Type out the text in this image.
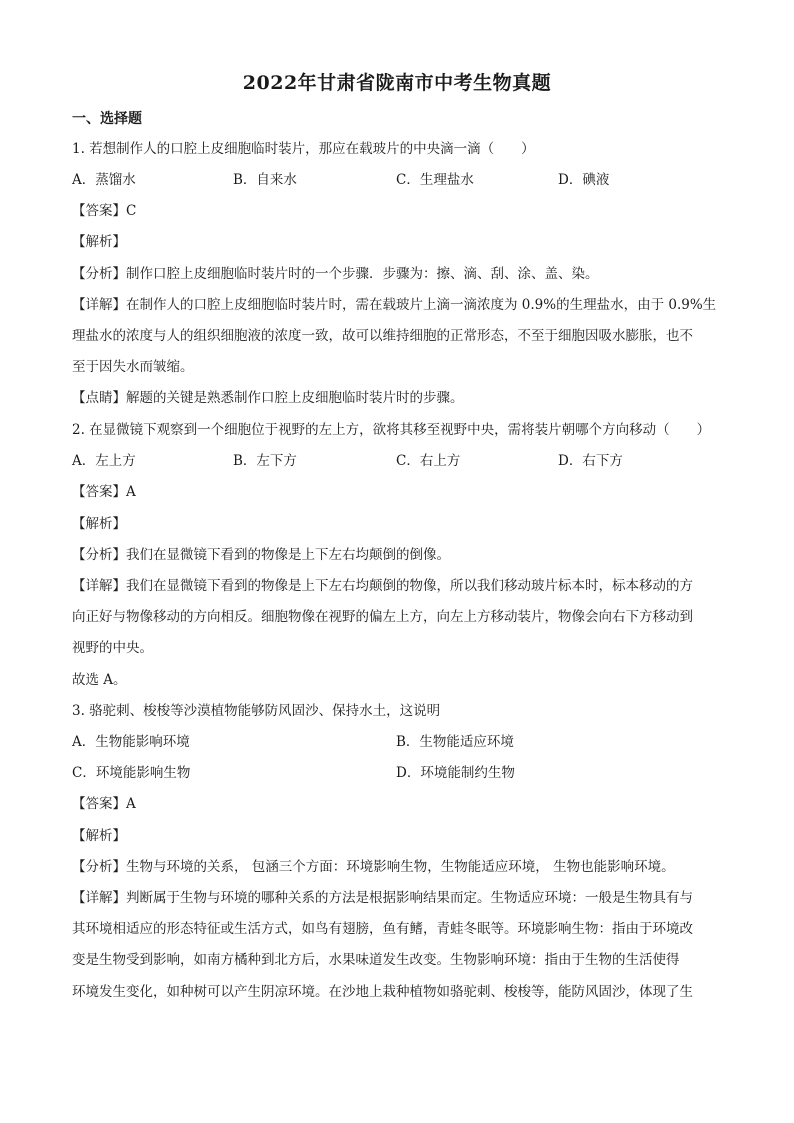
2022年甘肃省陇南市中考生物真题
一、选择题
1. 若想制作人的口腔上皮细胞临时装片，那应在载玻片的中央滴一滴（　　）
A．蒸馏水	B．自来水	C．生理盐水	D．碘液
【答案】C
【解析】
【分析】制作口腔上皮细胞临时装片时的一个步骤．步骤为：擦、滴、刮、涂、盖、染。
【详解】在制作人的口腔上皮细胞临时装片时，需在载玻片上滴一滴浓度为 0.9%的生理盐水，由于 0.9%生
理盐水的浓度与人的组织细胞液的浓度一致，故可以维持细胞的正常形态，不至于细胞因吸水膨胀，也不
至于因失水而皱缩。
【点睛】解题的关键是熟悉制作口腔上皮细胞临时装片时的步骤。
2. 在显微镜下观察到一个细胞位于视野的左上方，欲将其移至视野中央，需将装片朝哪个方向移动（　　）
A．左上方	B．左下方	C．右上方	D．右下方
【答案】A
【解析】
【分析】我们在显微镜下看到的物像是上下左右均颠倒的倒像。
【详解】我们在显微镜下看到的物像是上下左右均颠倒的物像，所以我们移动玻片标本时，标本移动的方
向正好与物像移动的方向相反。细胞物像在视野的偏左上方，向左上方移动装片，物像会向右下方移动到
视野的中央。
故选 A。
3. 骆驼刺、梭梭等沙漠植物能够防风固沙、保持水土，这说明
A．生物能影响环境	B．生物能适应环境
C．环境能影响生物	D．环境能制约生物
【答案】A
【解析】
【分析】生物与环境的关系， 包涵三个方面：环境影响生物，生物能适应环境， 生物也能影响环境。
【详解】判断属于生物与环境的哪种关系的方法是根据影响结果而定。生物适应环境：一般是生物具有与
其环境相适应的形态特征或生活方式，如鸟有翅膀，鱼有鳍，青蛙冬眠等。环境影响生物：指由于环境改
变是生物受到影响，如南方橘种到北方后，水果味道发生改变。生物影响环境：指由于生物的生活使得
环境发生变化，如种树可以产生阴凉环境。在沙地上栽种植物如骆驼刺、梭梭等，能防风固沙，体现了生
